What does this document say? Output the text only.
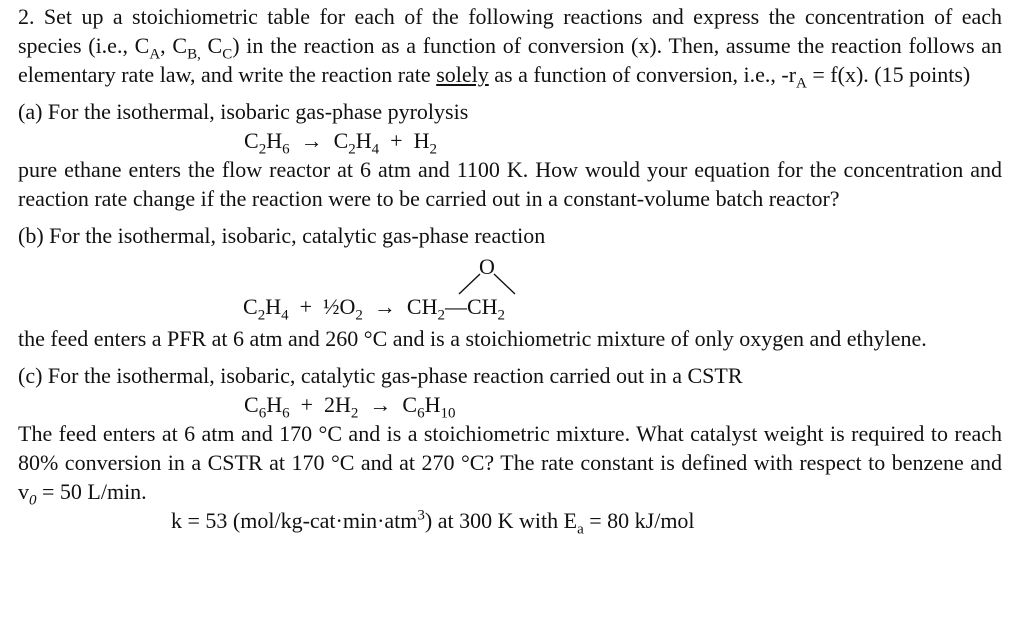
2. Set up a stoichiometric table for each of the following reactions and express the concentration of each species (i.e., $C_A$, $C_{B,}$ $C_C$) in the reaction as a function of conversion (x). Then, assume the reaction follows an elementary rate law, and write the reaction rate solely as a function of conversion, i.e., $-r_A = f(x)$. (15 points)

(a) For the isothermal, isobaric gas-phase pyrolysis

$C_2H_6 \to C_2H_4 + H_2$

pure ethane enters the flow reactor at 6 atm and 1100 K. How would your equation for the concentration and reaction rate change if the reaction were to be carried out in a constant-volume batch reactor?

(b) For the isothermal, isobaric, catalytic gas-phase reaction

O
$C_2H_4$ + $\frac{1}{2}O_2$ → $CH_2—CH_2$

the feed enters a PFR at 6 atm and 260 °C and is a stoichiometric mixture of only oxygen and ethylene.

(c) For the isothermal, isobaric, catalytic gas-phase reaction carried out in a CSTR

$C_6H_6 + 2H_2 \to C_6H_{10}$

The feed enters at 6 atm and 170 °C and is a stoichiometric mixture. What catalyst weight is required to reach 80% conversion in a CSTR at 170 °C and at 270 °C? The rate constant is defined with respect to benzene and $v_0 = 50$ L/min.

k = 53 (mol/kg-cat·min·atm$^3$) at 300 K with $E_a = 80$ kJ/mol
